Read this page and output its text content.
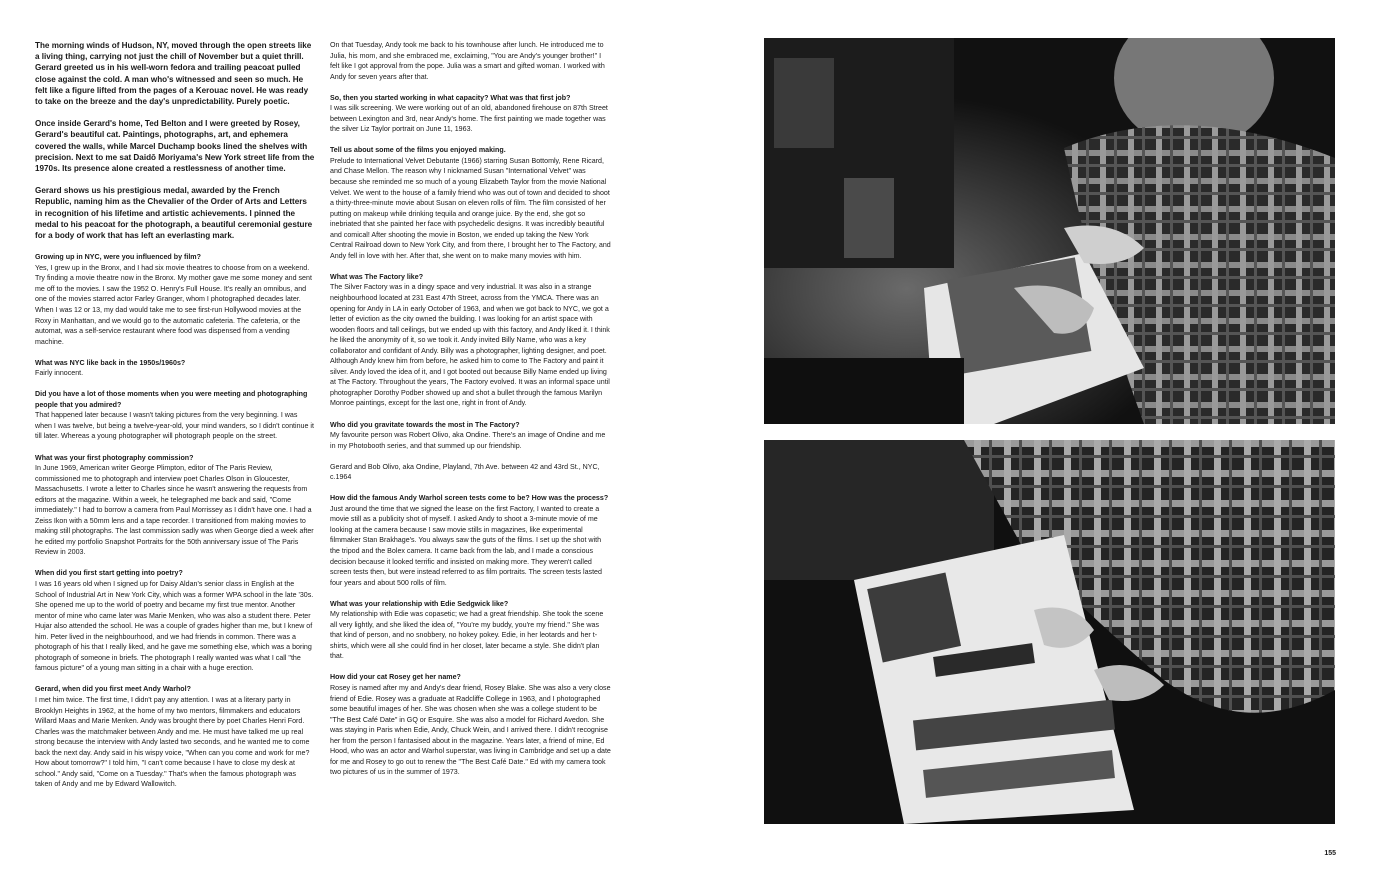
The morning winds of Hudson, NY, moved through the open streets like a living thing, carrying not just the chill of November but a quiet thrill. Gerard greeted us in his well-worn fedora and trailing peacoat pulled close against the cold. A man who's witnessed and seen so much. He felt like a figure lifted from the pages of a Kerouac novel. He was ready to take on the breeze and the day's unpredictability. Purely poetic.

Once inside Gerard's home, Ted Belton and I were greeted by Rosey, Gerard's beautiful cat. Paintings, photographs, art, and ephemera covered the walls, while Marcel Duchamp books lined the shelves with precision. Next to me sat Daidō Moriyama's New York street life from the 1970s. Its presence alone created a restlessness of another time.

Gerard shows us his prestigious medal, awarded by the French Republic, naming him as the Chevalier of the Order of Arts and Letters in recognition of his lifetime and artistic achievements. I pinned the medal to his peacoat for the photograph, a beautiful ceremonial gesture for a body of work that has left an everlasting mark.

Growing up in NYC, were you influenced by film?
Yes, I grew up in the Bronx, and I had six movie theatres to choose from on a weekend. Try finding a movie theatre now in the Bronx. My mother gave me some money and sent me off to the movies. I saw the 1952 O. Henry's Full House. It's really an omnibus, and one of the movies starred actor Farley Granger, whom I photographed decades later. When I was 12 or 13, my dad would take me to see first-run Hollywood movies at the Roxy in Manhattan, and we would go to the automatic cafeteria. The cafeteria, or the automat, was a self-service restaurant where food was dispensed from a vending machine.
What was NYC like back in the 1950s/1960s?
Fairly innocent.
Did you have a lot of those moments when you were meeting and photographing people that you admired?
That happened later because I wasn't taking pictures from the very beginning. I was when I was twelve, but being a twelve-year-old, your mind wanders, so I didn't continue it till later. Whereas a young photographer will photograph people on the street.
What was your first photography commission?
In June 1969, American writer George Plimpton, editor of The Paris Review, commissioned me to photograph and interview poet Charles Olson in Gloucester, Massachusetts. I wrote a letter to Charles since he wasn't answering the requests from editors at the magazine. Within a week, he telegraphed me back and said, "Come immediately." I had to borrow a camera from Paul Morrissey as I didn't have one. I had a Zeiss Ikon with a 50mm lens and a tape recorder. I transitioned from making movies to making still photographs. The last commission sadly was when George died a week after he edited my portfolio Snapshot Portraits for the 50th anniversary issue of The Paris Review in 2003.
When did you first start getting into poetry?
I was 16 years old when I signed up for Daisy Aldan's senior class in English at the School of Industrial Art in New York City, which was a former WPA school in the late '30s. She opened me up to the world of poetry and became my first true mentor. Another mentor of mine who came later was Marie Menken, who was also a student there. Peter Hujar also attended the school. He was a couple of grades higher than me, but I knew of him. Peter lived in the neighbourhood, and we had friends in common. There was a photograph of his that I really liked, and he gave me something else, which was a boring photograph of someone in briefs. The photograph I really wanted was what I call "the famous picture" of a young man sitting in a chair with a huge erection.
Gerard, when did you first meet Andy Warhol?
I met him twice. The first time, I didn't pay any attention. I was at a literary party in Brooklyn Heights in 1962, at the home of my two mentors, filmmakers and educators Willard Maas and Marie Menken. Andy was brought there by poet Charles Henri Ford. Charles was the matchmaker between Andy and me. He must have talked me up real strong because the interview with Andy lasted two seconds, and he wanted me to come back the next day. Andy said in his wispy voice, "When can you come and work for me? How about tomorrow?" I told him, "I can't come because I have to close my desk at school." Andy said, "Come on a Tuesday." That's when the famous photograph was taken of Andy and me by Edward Wallowitch.
On that Tuesday, Andy took me back to his townhouse after lunch. He introduced me to Julia, his mom, and she embraced me, exclaiming, "You are Andy's younger brother!" I felt like I got approval from the pope. Julia was a smart and gifted woman. I worked with Andy for seven years after that.
So, then you started working in what capacity? What was that first job?
I was silk screening. We were working out of an old, abandoned firehouse on 87th Street between Lexington and 3rd, near Andy's home. The first painting we made together was the silver Liz Taylor portrait on June 11, 1963.
Tell us about some of the films you enjoyed making.
Prelude to International Velvet Debutante (1966) starring Susan Bottomly, Rene Ricard, and Chase Mellon. The reason why I nicknamed Susan "International Velvet" was because she reminded me so much of a young Elizabeth Taylor from the movie National Velvet. We went to the house of a family friend who was out of town and decided to shoot a thirty-three-minute movie about Susan on eleven rolls of film. The film consisted of her putting on makeup while drinking tequila and orange juice. By the end, she got so inebriated that she painted her face with psychedelic designs. It was incredibly beautiful and comical! After shooting the movie in Boston, we ended up taking the New York Central Railroad down to New York City, and from there, I brought her to The Factory, and Andy fell in love with her. After that, she went on to make many movies with him.
What was The Factory like?
The Silver Factory was in a dingy space and very industrial. It was also in a strange neighbourhood located at 231 East 47th Street, across from the YMCA. There was an opening for Andy in LA in early October of 1963, and when we got back to NYC, we got a letter of eviction as the city owned the building. I was looking for an artist space with wooden floors and tall ceilings, but we ended up with this factory, and Andy liked it. I think he liked the anonymity of it, so we took it. Andy invited Billy Name, who was a key collaborator and confidant of Andy. Billy was a photographer, lighting designer, and poet. Although Andy knew him from before, he asked him to come to The Factory and paint it silver. Andy loved the idea of it, and I got booted out because Billy Name ended up living at The Factory. Throughout the years, The Factory evolved. It was an informal space until photographer Dorothy Podber showed up and shot a bullet through the famous Marilyn Monroe paintings, except for the last one, right in front of Andy.
Who did you gravitate towards the most in The Factory?
My favourite person was Robert Olivo, aka Ondine. There's an image of Ondine and me in my Photobooth series, and that summed up our friendship.
Gerard and Bob Olivo, aka Ondine, Playland, 7th Ave. between 42 and 43rd St., NYC, c.1964
How did the famous Andy Warhol screen tests come to be? How was the process?
Just around the time that we signed the lease on the first Factory, I wanted to create a movie still as a publicity shot of myself. I asked Andy to shoot a 3-minute movie of me looking at the camera because I saw movie stills in magazines, like experimental filmmaker Stan Brakhage's. You always saw the guts of the films. I set up the shot with the tripod and the Bolex camera. It came back from the lab, and I made a conscious decision because it looked terrific and insisted on making more. They weren't called screen tests then, but were instead referred to as film portraits. The screen tests lasted four years and about 500 rolls of film.
What was your relationship with Edie Sedgwick like?
My relationship with Edie was copasetic; we had a great friendship. She took the scene all very lightly, and she liked the idea of, "You're my buddy, you're my friend." She was that kind of person, and no snobbery, no hokey pokey. Edie, in her leotards and her t-shirts, which were all she could find in her closet, later became a style. She didn't plan that.
How did your cat Rosey get her name?
Rosey is named after my and Andy's dear friend, Rosey Blake. She was also a very close friend of Edie. Rosey was a graduate at Radcliffe College in 1963, and I photographed some beautiful images of her. She was chosen when she was a college student to be "The Best Café Date" in GQ or Esquire. She was also a model for Richard Avedon. She was staying in Paris when Edie, Andy, Chuck Wein, and I arrived there. I didn't recognise her from the person I fantasised about in the magazine. Years later, a friend of mine, Ed Hood, who was an actor and Warhol superstar, was living in Cambridge and set up a date for me and Rosey to go out to renew the "The Best Café Date." Ed with my camera took two pictures of us in the summer of 1973.
155
